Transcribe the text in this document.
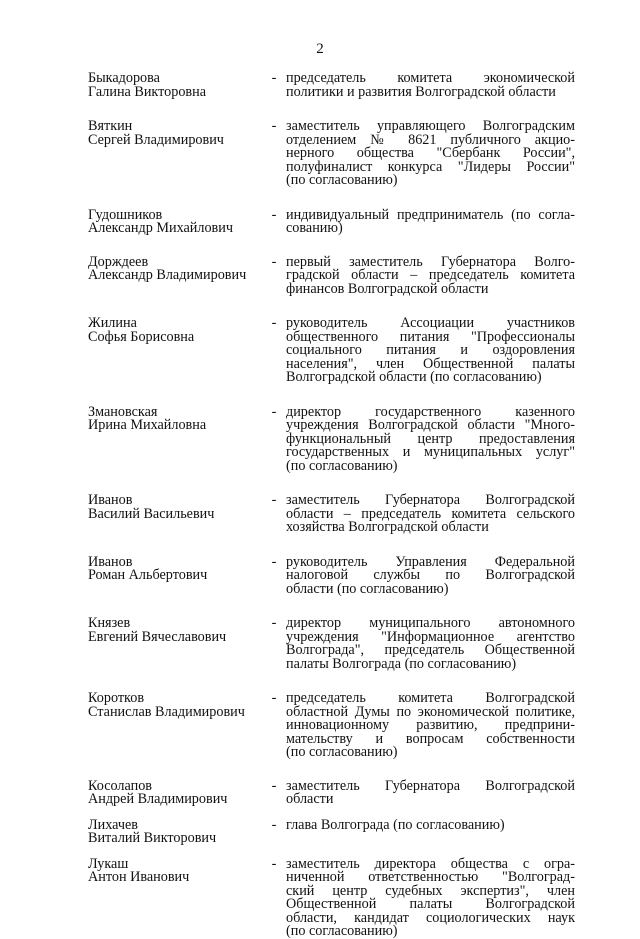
2
Быкадорова
Галина Викторовна
- председатель комитета экономической
политики и развития Волгоградской области
Вяткин
Сергей Владимирович
- заместитель управляющего Волгоградским
отделением № 8621 публичного акцио-
нерного общества "Сбербанк России",
полуфиналист конкурса "Лидеры России"
(по согласованию)
Гудошников
Александр Михайлович
- индивидуальный предприниматель (по согла-
сованию)
Дорждеев
Александр Владимирович
- первый заместитель Губернатора Волго-
градской области – председатель комитета
финансов Волгоградской области
Жилина
Софья Борисовна
- руководитель Ассоциации участников
общественного питания "Профессионалы
социального питания и оздоровления
населения", член Общественной палаты
Волгоградской области (по согласованию)
Змановская
Ирина Михайловна
- директор государственного казенного
учреждения Волгоградской области "Много-
функциональный центр предоставления
государственных и муниципальных услуг"
(по согласованию)
Иванов
Василий Васильевич
- заместитель Губернатора Волгоградской
области – председатель комитета сельского
хозяйства Волгоградской области
Иванов
Роман Альбертович
- руководитель Управления Федеральной
налоговой службы по Волгоградской
области (по согласованию)
Князев
Евгений Вячеславович
- директор муниципального автономного
учреждения "Информационное агентство
Волгограда", председатель Общественной
палаты Волгограда (по согласованию)
Коротков
Станислав Владимирович
- председатель комитета Волгоградской
областной Думы по экономической политике,
инновационному развитию, предприни-
мательству и вопросам собственности
(по согласованию)
Косолапов
Андрей Владимирович
- заместитель Губернатора Волгоградской
области
Лихачев
Виталий Викторович
- глава Волгограда (по согласованию)
Лукаш
Антон Иванович
- заместитель директора общества с огра-
ниченной ответственностью "Волгоград-
ский центр судебных экспертиз", член
Общественной палаты Волгоградской
области, кандидат социологических наук
(по согласованию)
